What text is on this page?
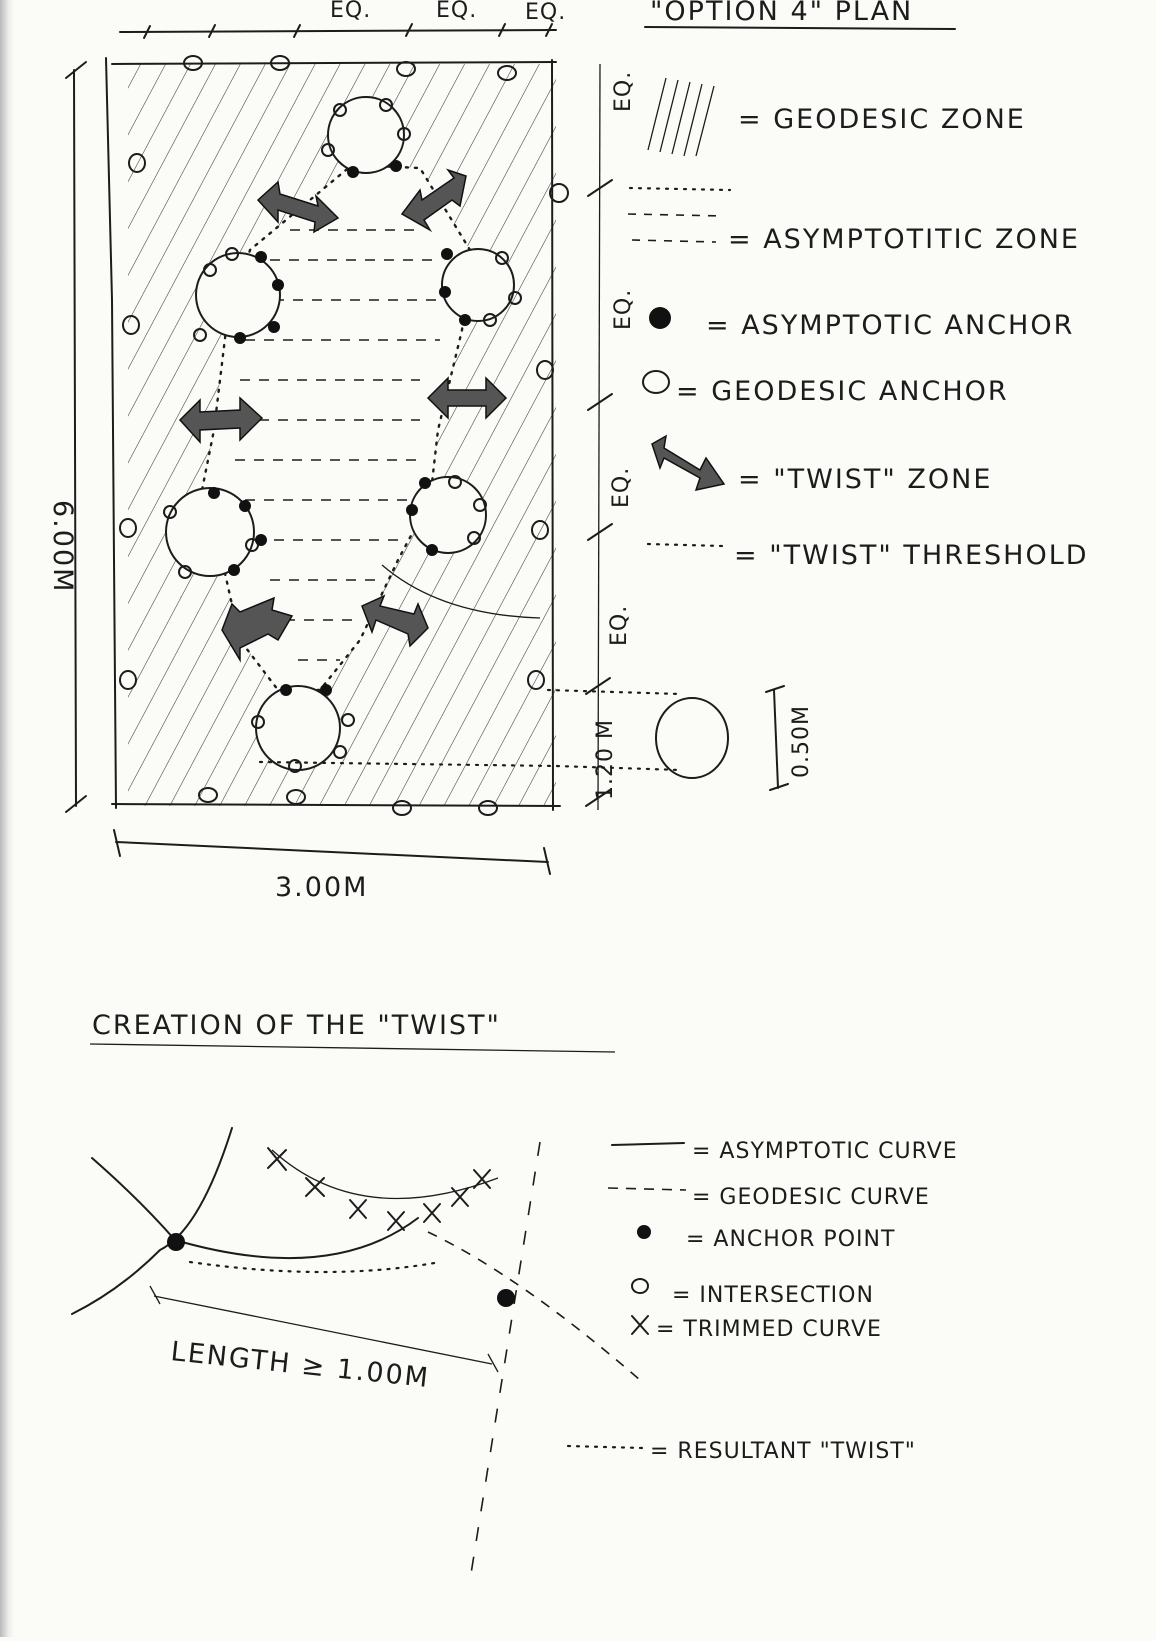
"OPTION 4" PLAN
EQ.	EQ. EQ.
6.00M
3.00M
EQ.
EQ.
EQ.
EQ.
1.20 M	0.50M
= GEODESIC ZONE
= ASYMPTOTITIC ZONE
= ASYMPTOTIC ANCHOR
= GEODESIC ANCHOR
= "TWIST" ZONE
= "TWIST" THRESHOLD
CREATION OF THE "TWIST"
LENGTH ≥ 1.00M
= ASYMPTOTIC CURVE
= GEODESIC CURVE
= ANCHOR POINT
= INTERSECTION
= TRIMMED CURVE
= RESULTANT "TWIST"
